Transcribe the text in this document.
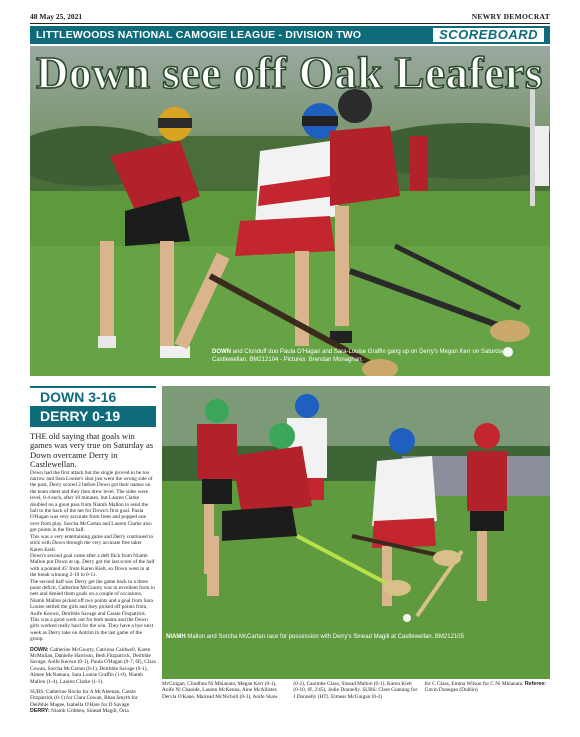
48 May 25, 2021	NEWRY DEMOCRAT
LITTLEWOODS NATIONAL CAMOGIE LEAGUE - DIVISION TWO	SCOREBOARD
Down see off Oak Leafers
DOWN and Clonduff duo Paula O'Hagan and Sara-Louise Graffin gang up on Derry's Megan Kerr on Saturday at Castlewellan. BM212104 - Pictures: Brendan Monaghan.
DOWN 3-16
DERRY 0-19

THE old saying that goals win games was very true on Saturday as Down overcame Derry in Castlewellan.

Down had the first attack but the single proved to be too narrow and Sara Louise's shot just went the wrong side of the post, Derry scored 2 before Down got their names on the team sheet and they then drew level. The sides were level, 0-4 each, after 10 minutes, but Lauren Clarke doubled on a great pass from Niamh Mallon to send the ball to the back of the net for Down's first goal. Paula O'Hagan was very accurate from frees and popped one over from play. Sorcha McCartan and Lauren Clarke also got points in the first half.

This was a very entertaining game and Derry continued to stick with Down through the very accurate free taker Karen Kielt.

Down's second goal came after a deft flick from Niamh Mallon put Down at up, Derry got the last score of the half with a pointed 45' from Karen Kielt, so Down went in at the break winning 2-10 to 0-11.

The second half saw Derry get the game back to a three point deficit, Catherine McGourty was in excellent form in nets and denied them goals on a couple of occasions, Niamh Mallon picked off two points and a goal from Sara Louise settled the girls and they picked off points from, Aoife Keown, Deirbhle Savage and Cassie Fitzpatrick.

This was a good work out for both teams and the Down girls worked really hard for the win. They have a bye next week as Derry take on Antrim in the last game of the group.

DOWN: Catherine McGourty, Catriona Caldwell, Karen McMullan, Danielle Harrison, Beth Fitzpatrick, Deirbhle Savage, Aoife Keown (0-1), Paula O'Hagan (0-7, 6f), Clara Cowan, Sorcha McCartan (0-1), Deirbhle Savage (0-1), Aimee McNamara, Sara Louise Graffin (1-0), Niamh Mallon (1-4), Lauren Clarke (1-1).

SUBS: Catherine Rocks for A McAleenan, Cassie Fitzpatrick (0-1) for Clara Cowan, Rhea Smyth for Deirbhle Magee, Isabella O'Hare for D Savage.

DERRY: Niamh Gribben, Sinead Magill, Orla

NIAMH Mallon and Sorcha McCartan race for possession with Derry's Sinead Magill at Castlewellan. BM212105
McGuigan, Cliodhna Ni Mhianain, Megan Kerr (0-1), Aoife Ni Chaoide, Lauren McKenna, Aine McAllister, Dervla O'Kane, Mairead McNicholl (0-3), Aoife Shaw
(0-2), Caoimhe Glass, Sinead Mallon (0-1), Karen Kielt (0-10, 6f, 2'45), Jodie Donnelly. SUBS: Clare Gunning for J Donnelly (HT), Eimear McGuigan (0-2)
for C Glass, Emma Wilson for C Ni Mhianain. Referee: Gavin Donegan (Dublin)
